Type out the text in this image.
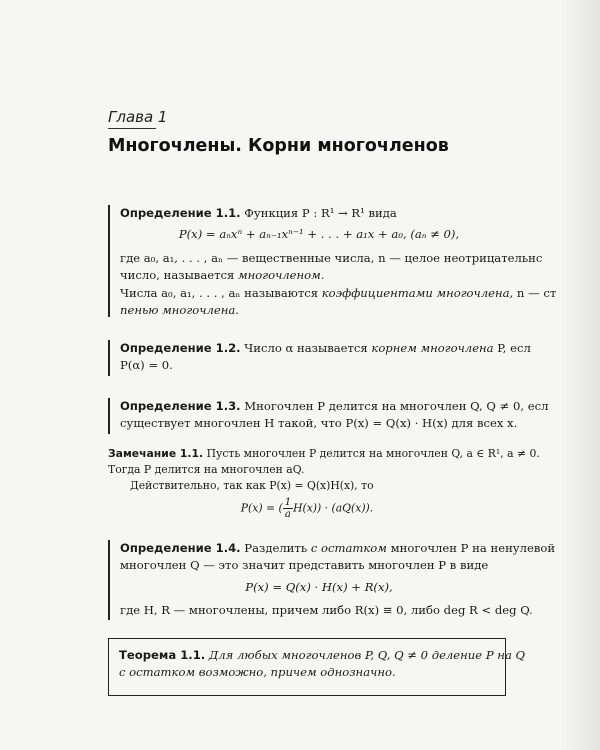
Глава 1
Многочлены. Корни многочленов
Определение 1.1. Функция P : R¹ → R¹ вида
P(x) = aₙxⁿ + aₙ₋₁xⁿ⁻¹ + . . . + a₁x + a₀, (aₙ ≠ 0),
где a₀, a₁, . . . , aₙ — вещественные числа, n — целое неотрицательнс
число, называется многочленом.
Числа a₀, a₁, . . . , aₙ называются коэффициентами многочлена, n — ст
пенью многочлена.
Определение 1.2. Число α называется корнем многочлена P, есл
P(α) = 0.
Определение 1.3. Многочлен P делится на многочлен Q, Q ≠ 0, есл
существует многочлен H такой, что P(x) = Q(x) · H(x) для всех x.
Замечание 1.1. Пусть многочлен P делится на многочлен Q, a ∈ R¹, a ≠ 0.
Тогда P делится на многочлен aQ.
Действительно, так как P(x) = Q(x)H(x), то
P(x) = ( $\frac{1}{a} H(x)) \cdot (aQ(x))$.
Определение 1.4. Разделить с остатком многочлен P на ненулевой
многочлен Q — это значит представить многочлен P в виде
P(x) = Q(x) · H(x) + R(x),
где H, R — многочлены, причем либо R(x) ≡ 0, либо deg R < deg Q.
Теорема 1.1. Для любых многочленов P, Q, Q ≠ 0 деление P на Q
с остатком возможно, причем однозначно.
